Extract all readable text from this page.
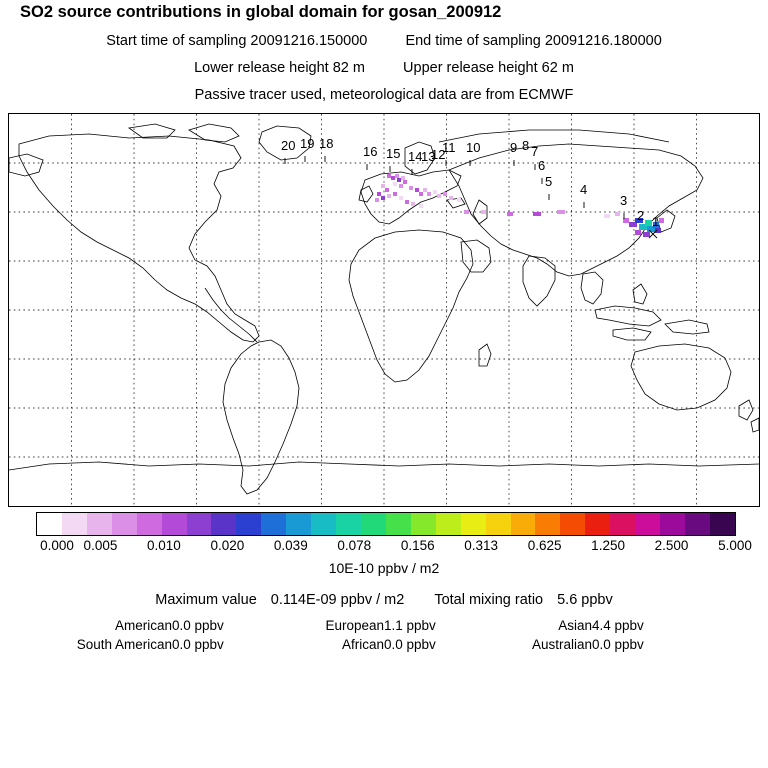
SO2 source contributions in global domain for gosan_200912
Start time of sampling 20091216.150000	End time of sampling 20091216.180000
Lower release height 82 m	Upper release height 62 m
Passive tracer used, meteorological data are from ECMWF
20 19 18
16 15 14
13
12
11 10 9 8 7
6
5
4
3
2 1
0.000 0.005 0.010 0.020 0.039 0.078 0.156 0.313 0.625 1.250 2.500 5.000
10E-10 ppbv / m2
Maximum value 0.114E-09 ppbv / m2 Total mixing ratio 5.6 ppbv
American	0.0 ppbv	European	1.1 ppbv	Asian	4.4 ppbv
South American	0.0 ppbv	African	0.0 ppbv	Australian	0.0 ppbv
